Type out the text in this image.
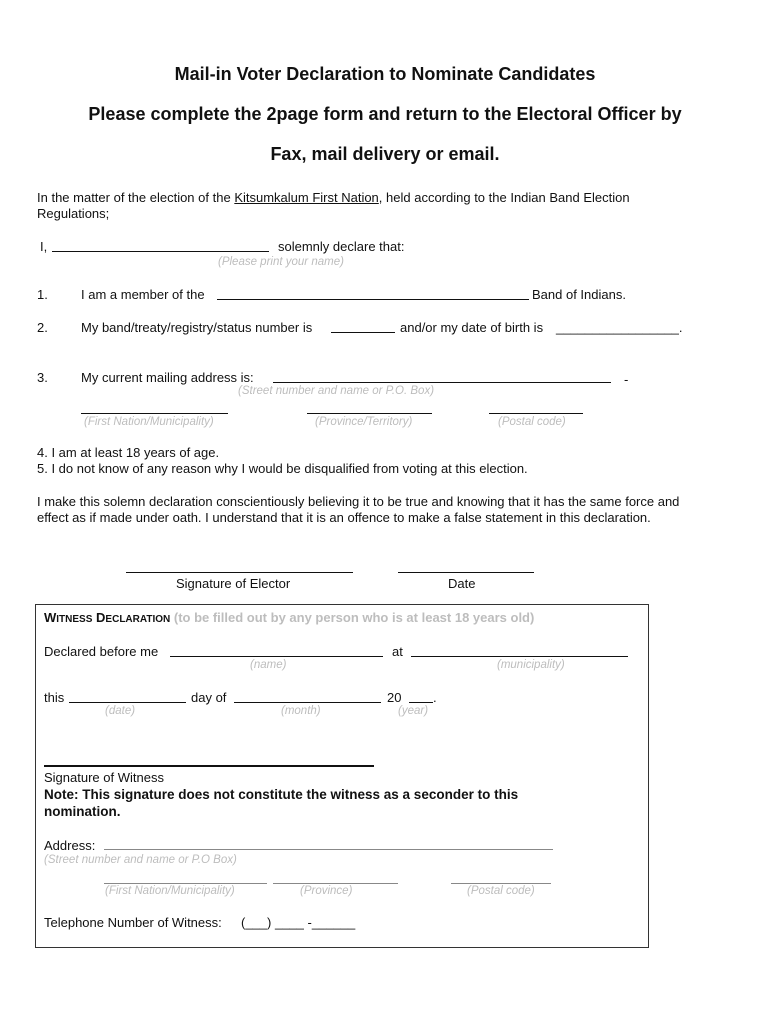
Mail-in Voter Declaration to Nominate Candidates
Please complete the 2page form and return to the Electoral Officer by
Fax, mail delivery or email.
In the matter of the election of the Kitsumkalum First Nation, held according to the Indian Band Election
Regulations;
I,	solemnly declare that:
(Please print your name)
1.	I am a member of the	Band of Indians.
2.	My band/treaty/registry/status number is	and/or my date of birth is _________________.
3.	My current mailing address is:	-
(Street number and name or P.O. Box)
(First Nation/Municipality)	(Province/Territory)	(Postal code)
4. I am at least 18 years of age.
5. I do not know of any reason why I would be disqualified from voting at this election.
I make this solemn declaration conscientiously believing it to be true and knowing that it has the same force and
effect as if made under oath. I understand that it is an offence to make a false statement in this declaration.
Signature of Elector	Date
WITNESS DECLARATION (to be filled out by any person who is at least 18 years old)
Declared before me	at
(name)	(municipality)
this	day of	20 .
(date)	(month)	(year)
Signature of Witness
Note: This signature does not constitute the witness as a seconder to this
nomination.
Address:
(Street number and name or P.O Box)
(First Nation/Municipality)	(Province)	(Postal code)
Telephone Number of Witness: (___) ____ -______
